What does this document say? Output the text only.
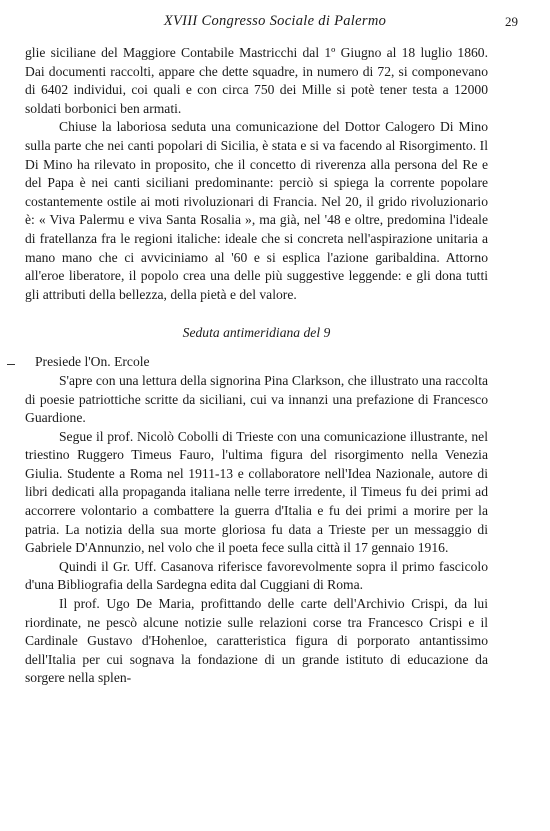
XVIII Congresso Sociale di Palermo	29

glie siciliane del Maggiore Contabile Mastricchi dal 1º Giugno al 18 luglio 1860. Dai documenti raccolti, appare che dette squadre, in numero di 72, si componevano di 6402 individui, coi quali e con circa 750 dei Mille si potè tener testa a 12000 soldati borbonici ben armati.

Chiuse la laboriosa seduta una comunicazione del Dottor Calogero Di Mino sulla parte che nei canti popolari di Sicilia, è stata e si va facendo al Risorgimento. Il Di Mino ha rilevato in proposito, che il concetto di riverenza alla persona del Re e del Papa è nei canti siciliani predominante: perciò si spiega la corrente popolare costantemente ostile ai moti rivoluzionari di Francia. Nel 20, il grido rivoluzionario è: « Viva Palermu e viva Santa Rosalia », ma già, nel '48 e oltre, predomina l'ideale di fratellanza fra le regioni italiche: ideale che si concreta nell'aspirazione unitaria a mano mano che ci avviciniamo al '60 e si esplica l'azione garibaldina. Attorno all'eroe liberatore, il popolo crea una delle più suggestive leggende: e gli dona tutti gli attributi della bellezza, della pietà e del valore.

Seduta antimeridiana del 9

Presiede l'On. Ercole

S'apre con una lettura della signorina Pina Clarkson, che illustrato una raccolta di poesie patriottiche scritte da siciliani, cui va innanzi una prefazione di Francesco Guardione.

Segue il prof. Nicolò Cobolli di Trieste con una comunicazione illustrante, nel triestino Ruggero Timeus Fauro, l'ultima figura del risorgimento nella Venezia Giulia. Studente a Roma nel 1911-13 e collaboratore nell'Idea Nazionale, autore di libri dedicati alla propaganda italiana nelle terre irredente, il Timeus fu dei primi ad accorrere volontario a combattere la guerra d'Italia e fu dei primi a morire per la patria. La notizia della sua morte gloriosa fu data a Trieste per un messaggio di Gabriele D'Annunzio, nel volo che il poeta fece sulla città il 17 gennaio 1916.

Quindi il Gr. Uff. Casanova riferisce favorevolmente sopra il primo fascicolo d'una Bibliografia della Sardegna edita dal Cuggiani di Roma.

Il prof. Ugo De Maria, profittando delle carte dell'Archivio Crispi, da lui riordinate, ne pescò alcune notizie sulle relazioni corse tra Francesco Crispi e il Cardinale Gustavo d'Hohenloe, caratteristica figura di porporato antantissimo dell'Italia per cui sognava la fondazione di un grande istituto di educazione da sorgere nella splen-
